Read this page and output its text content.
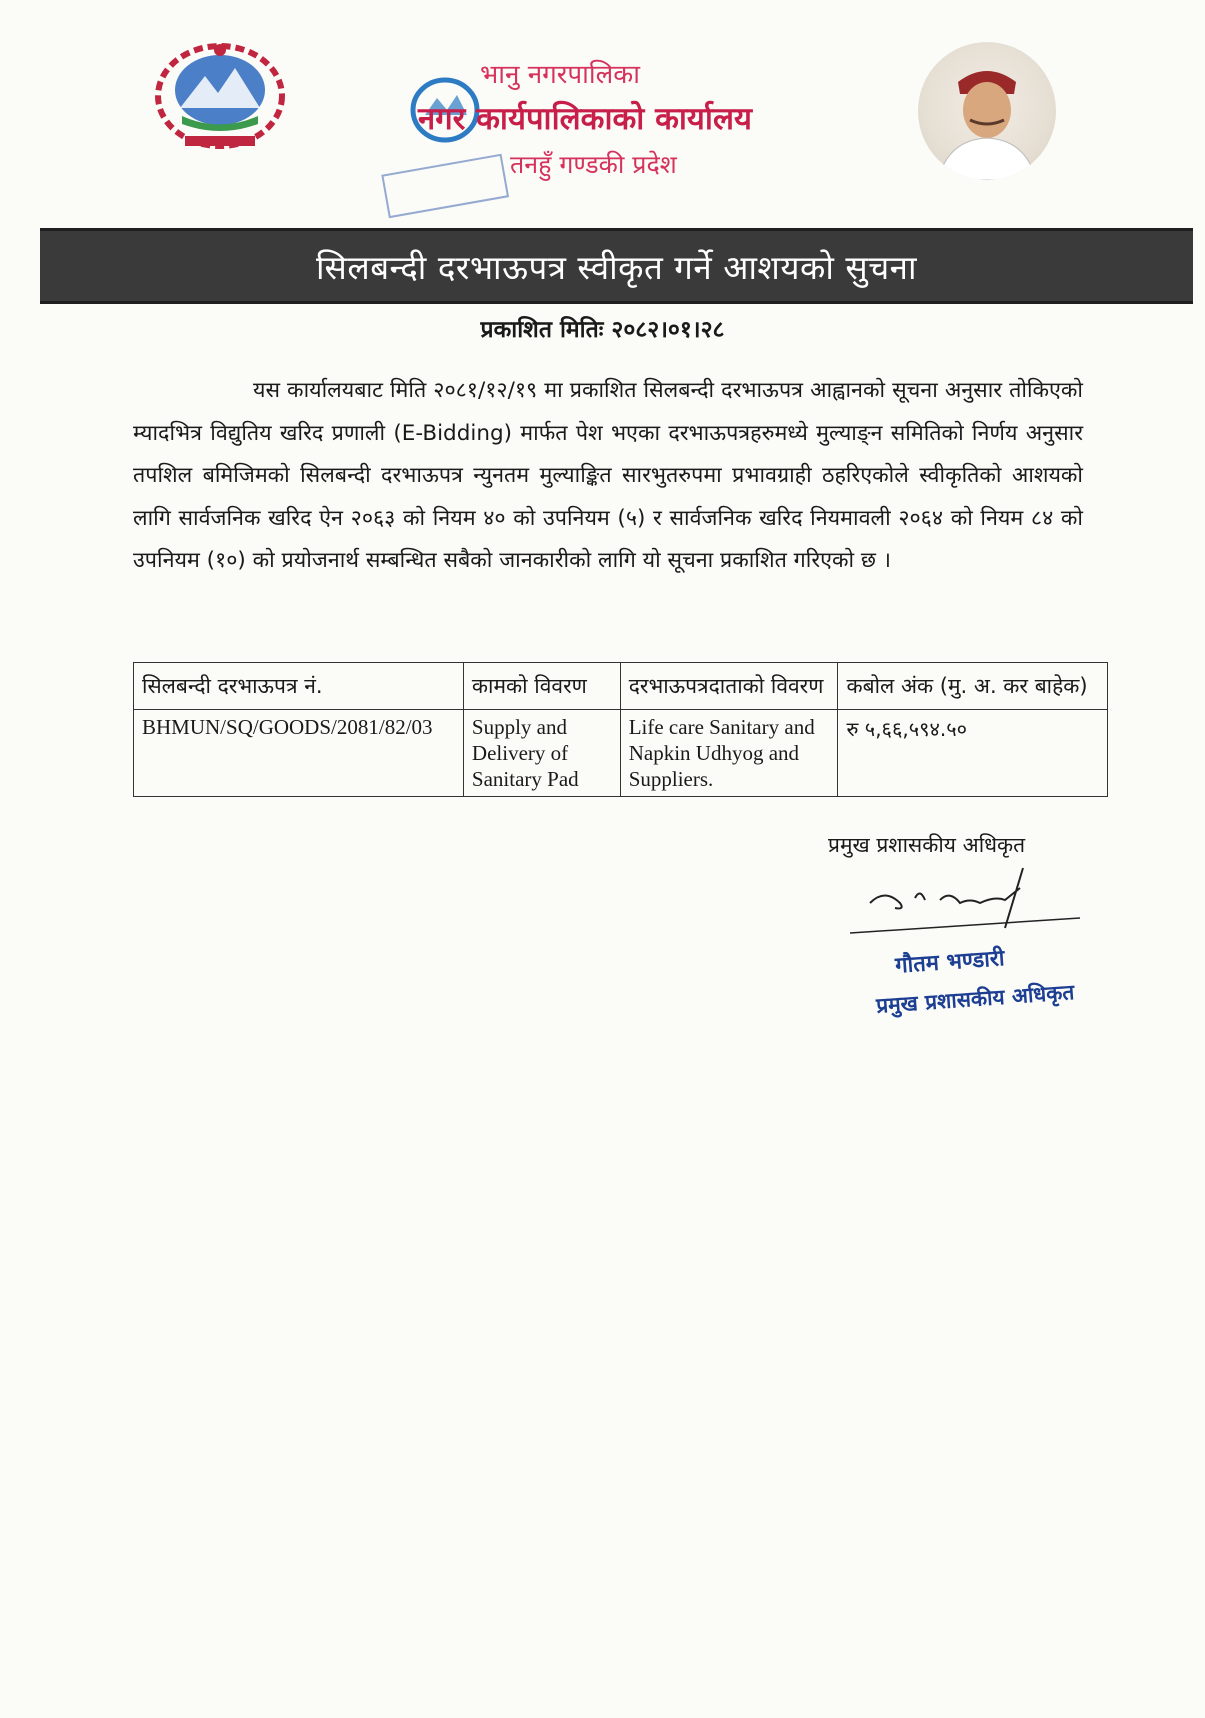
भानु नगरपालिका
नगर कार्यपालिकाको कार्यालय
तनहुँ गण्डकी प्रदेश
सिलबन्दी दरभाऊपत्र स्वीकृत गर्ने आशयको सुचना
प्रकाशित मितिः २०८२।०१।२८
यस कार्यालयबाट मिति २०८१/१२/१९ मा प्रकाशित सिलबन्दी दरभाऊपत्र आह्वानको सूचना अनुसार तोकिएको म्यादभित्र विद्युतिय खरिद प्रणाली (E-Bidding) मार्फत पेश भएका दरभाऊपत्रहरुमध्ये मुल्याङ्न समितिको निर्णय अनुसार तपशिल बमिजिमको सिलबन्दी दरभाऊपत्र न्युनतम मुल्याङ्कित सारभुतरुपमा प्रभावग्राही ठहरिएकोले स्वीकृतिको आशयको लागि सार्वजनिक खरिद ऐन २०६३ को नियम ४० को उपनियम (५) र सार्वजनिक खरिद नियमावली २०६४ को नियम ८४ को उपनियम (१०) को प्रयोजनार्थ सम्बन्धित सबैको जानकारीको लागि यो सूचना प्रकाशित गरिएको छ ।
सिलबन्दी दरभाऊपत्र नं.	कामको विवरण	दरभाऊपत्रदाताको विवरण	कबोल अंक (मु. अ. कर बाहेक)
BHMUN/SQ/GOODS/2081/82/03	Supply and Delivery of Sanitary Pad	Life care Sanitary and Napkin Udhyog and Suppliers.	रु ५,६६,५९४.५०
प्रमुख प्रशासकीय अधिकृत
गौतम भण्डारी
प्रमुख प्रशासकीय अधिकृत
